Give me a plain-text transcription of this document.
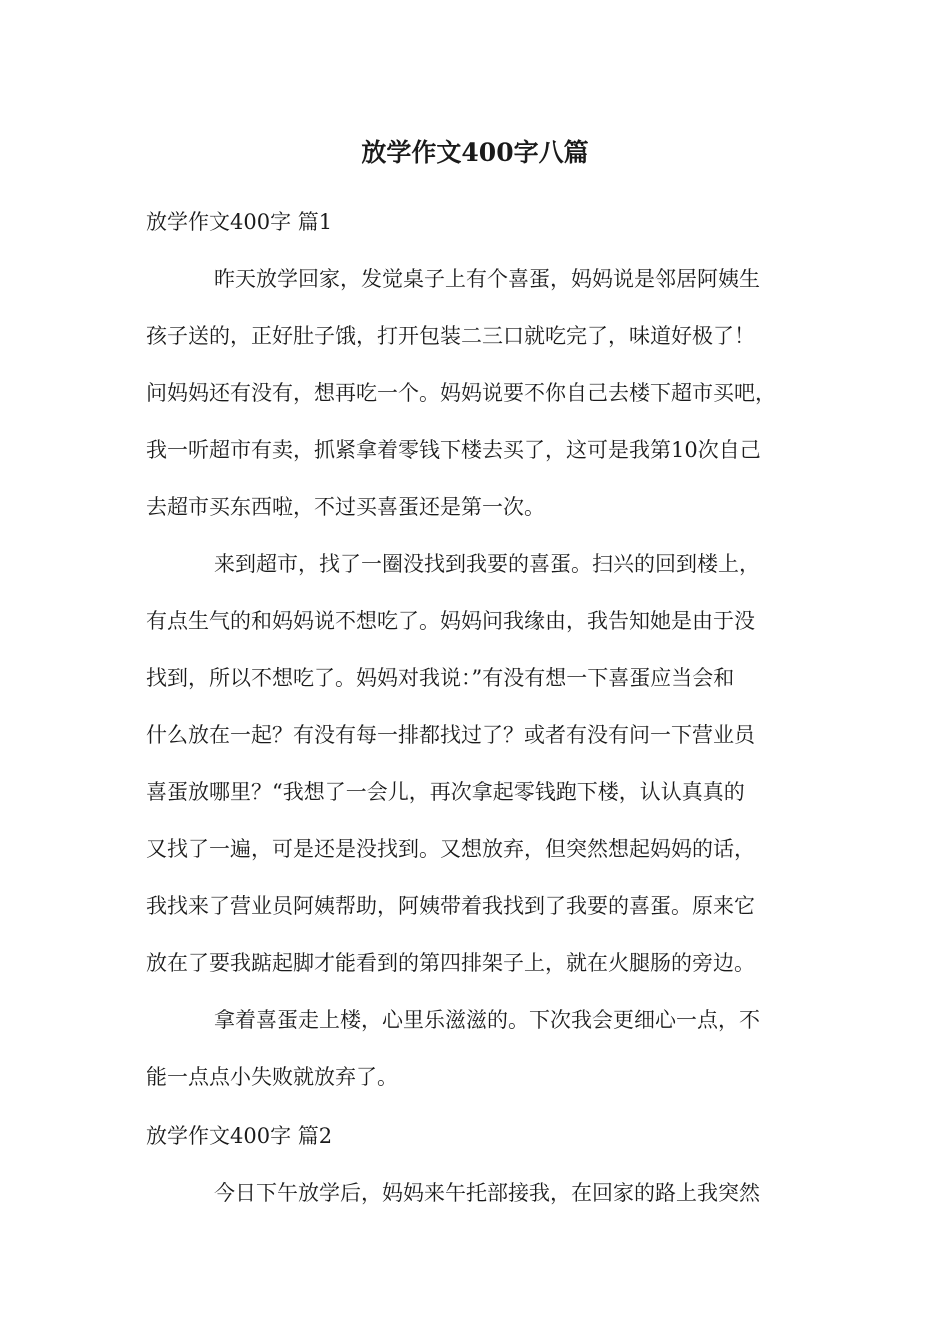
放学作文400字八篇
放学作文400字 篇1
昨天放学回家，发觉桌子上有个喜蛋，妈妈说是邻居阿姨生
孩子送的，正好肚子饿，打开包装二三口就吃完了，味道好极了！
问妈妈还有没有，想再吃一个。妈妈说要不你自己去楼下超市买吧，
我一听超市有卖，抓紧拿着零钱下楼去买了，这可是我第10次自己
去超市买东西啦，不过买喜蛋还是第一次。
来到超市，找了一圈没找到我要的喜蛋。扫兴的回到楼上，
有点生气的和妈妈说不想吃了。妈妈问我缘由，我告知她是由于没
找到，所以不想吃了。妈妈对我说：”有没有想一下喜蛋应当会和
什么放在一起？有没有每一排都找过了？或者有没有问一下营业员
喜蛋放哪里？“我想了一会儿，再次拿起零钱跑下楼，认认真真的
又找了一遍，可是还是没找到。又想放弃，但突然想起妈妈的话，
我找来了营业员阿姨帮助，阿姨带着我找到了我要的喜蛋。原来它
放在了要我踮起脚才能看到的第四排架子上，就在火腿肠的旁边。
拿着喜蛋走上楼，心里乐滋滋的。下次我会更细心一点，不
能一点点小失败就放弃了。
放学作文400字 篇2
今日下午放学后，妈妈来午托部接我，在回家的路上我突然
